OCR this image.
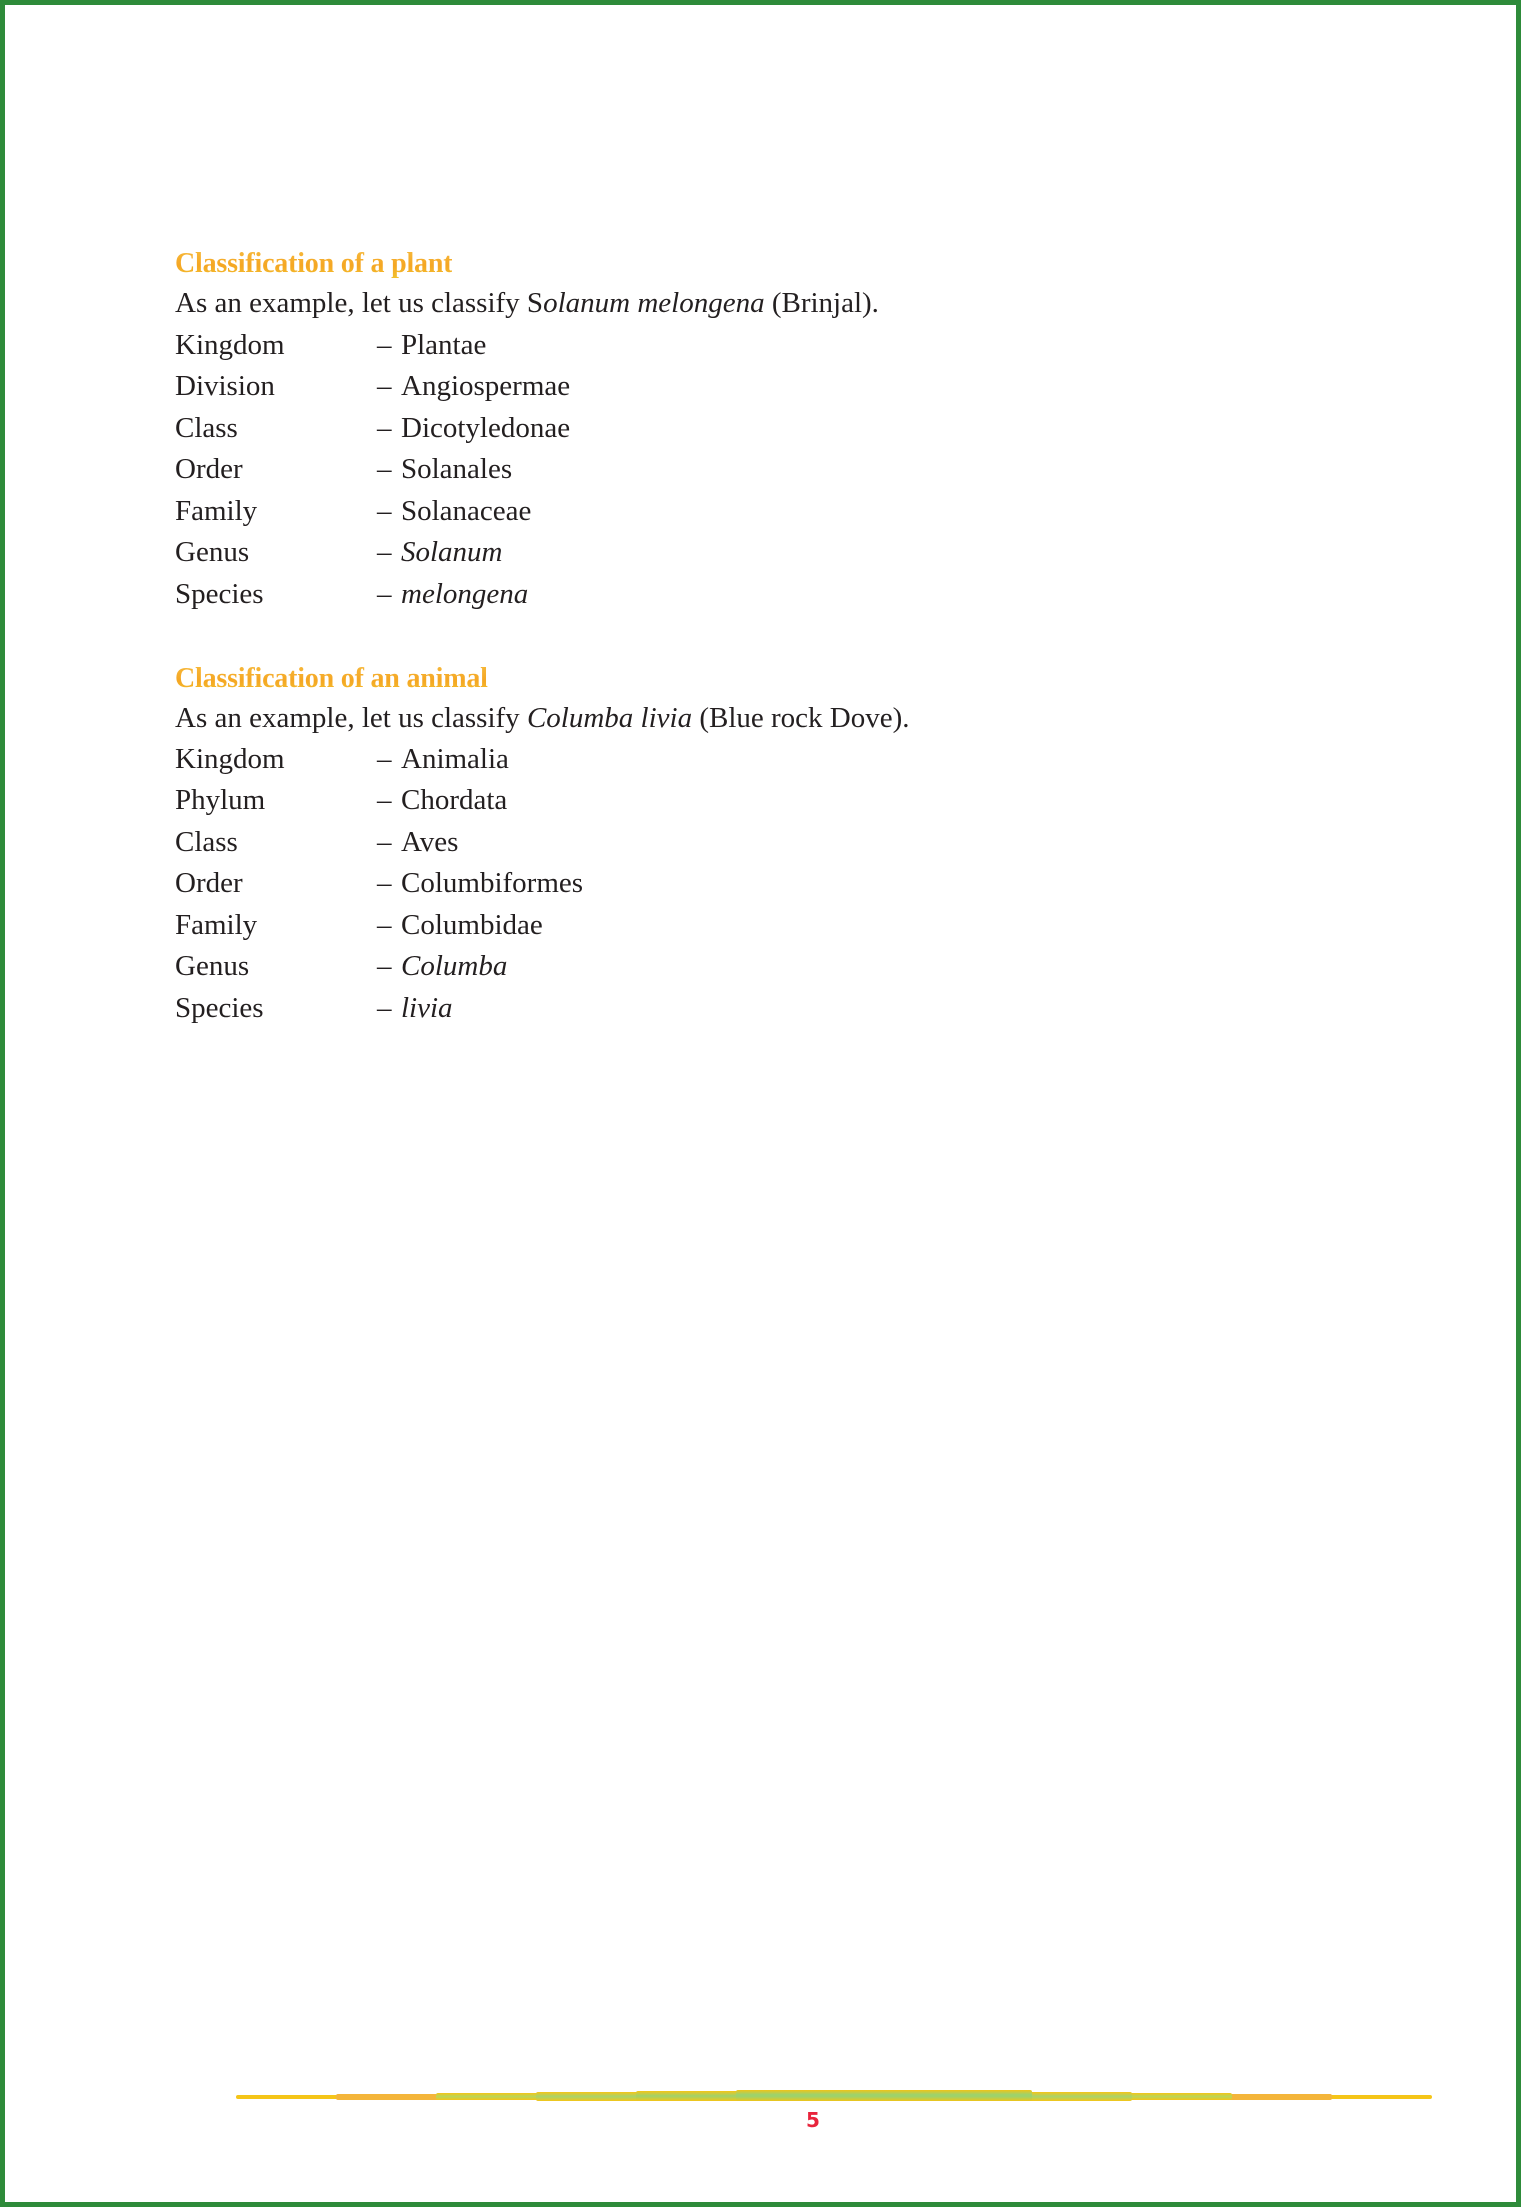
Classification of a plant
As an example, let us classify Solanum melongena (Brinjal).
Kingdom	– Plantae
Division	– Angiospermae
Class	– Dicotyledonae
Order	– Solanales
Family	– Solanaceae
Genus	– Solanum
Species	– melongena
Classification of an animal
As an example, let us classify Columba livia (Blue rock Dove).
Kingdom	– Animalia
Phylum	– Chordata
Class	– Aves
Order	– Columbiformes
Family	– Columbidae
Genus	– Columba
Species	– livia
5
